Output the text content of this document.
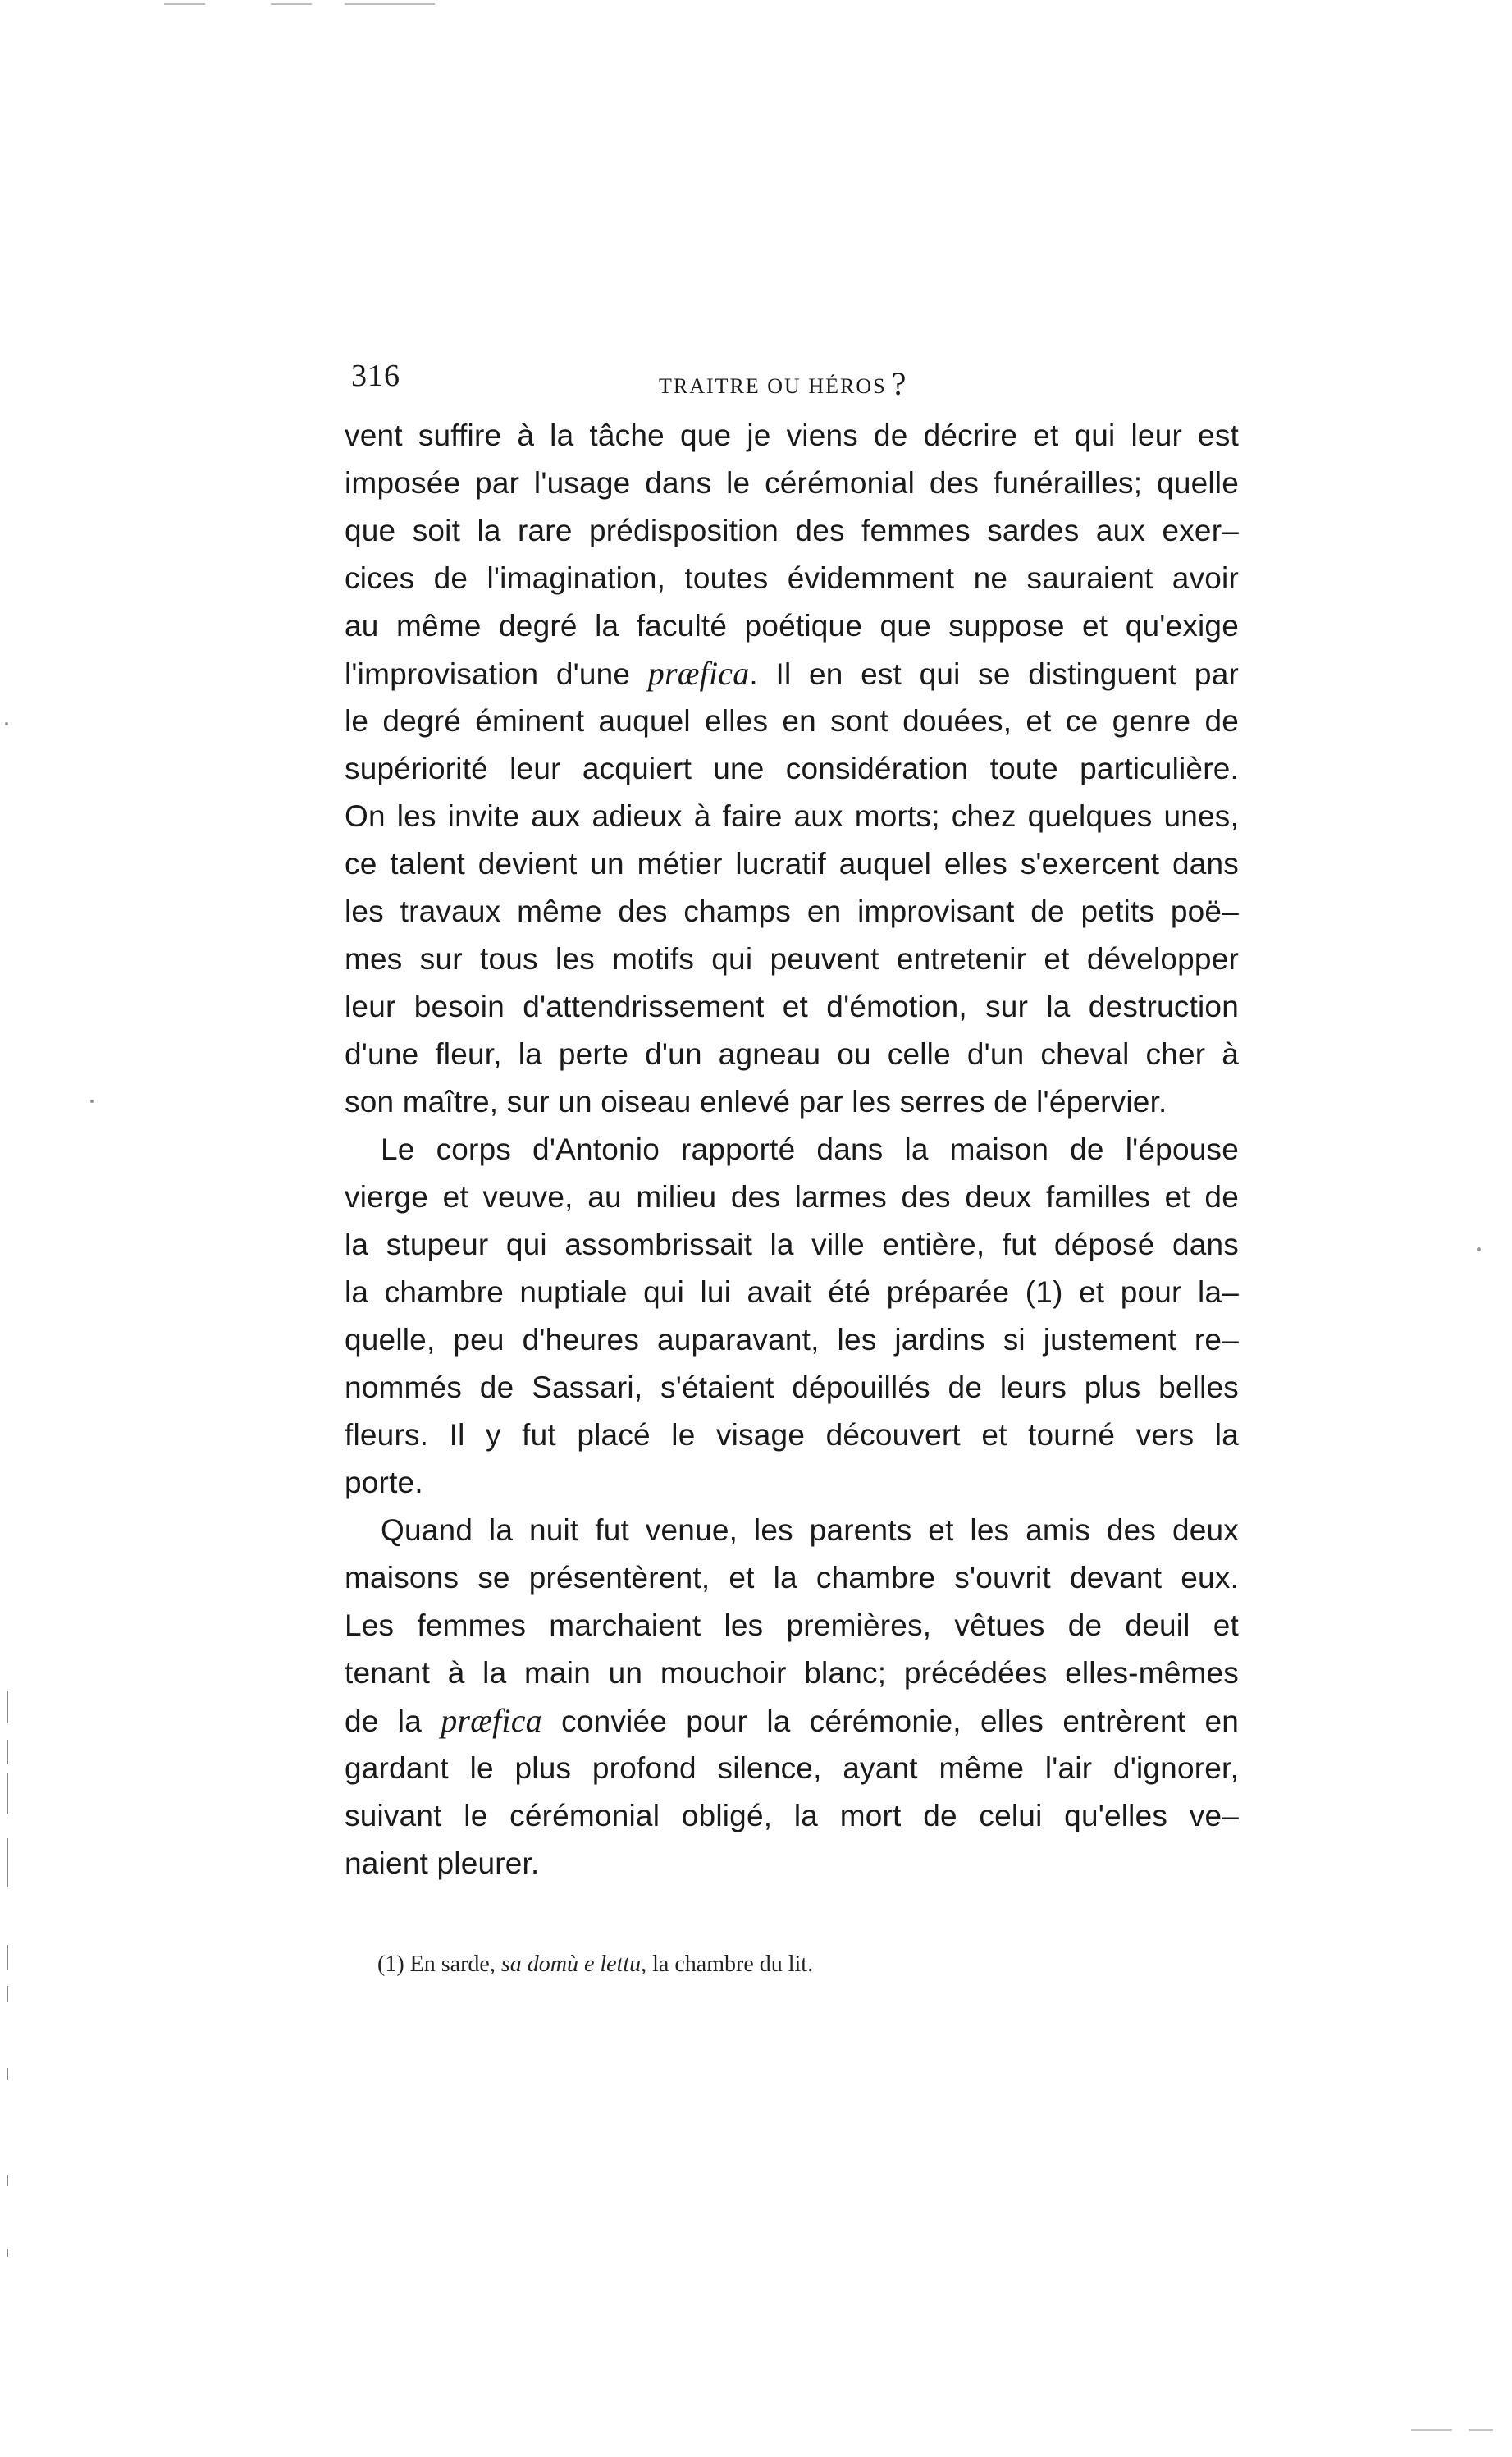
316	TRAITRE OU HÉROS ?
vent suffire à la tâche que je viens de décrire et qui leur est
imposée par l'usage dans le cérémonial des funérailles; quelle
que soit la rare prédisposition des femmes sardes aux exer–
cices de l'imagination, toutes évidemment ne sauraient avoir
au même degré la faculté poétique que suppose et qu'exige
l'improvisation d'une præfica. Il en est qui se distinguent par
le degré éminent auquel elles en sont douées, et ce genre de
supériorité leur acquiert une considération toute particulière.
On les invite aux adieux à faire aux morts; chez quelques unes,
ce talent devient un métier lucratif auquel elles s'exercent dans
les travaux même des champs en improvisant de petits poë–
mes sur tous les motifs qui peuvent entretenir et développer
leur besoin d'attendrissement et d'émotion, sur la destruction
d'une fleur, la perte d'un agneau ou celle d'un cheval cher à
son maître, sur un oiseau enlevé par les serres de l'épervier.
Le corps d'Antonio rapporté dans la maison de l'épouse
vierge et veuve, au milieu des larmes des deux familles et de
la stupeur qui assombrissait la ville entière, fut déposé dans
la chambre nuptiale qui lui avait été préparée (1) et pour la–
quelle, peu d'heures auparavant, les jardins si justement re–
nommés de Sassari, s'étaient dépouillés de leurs plus belles
fleurs. Il y fut placé le visage découvert et tourné vers la
porte.
Quand la nuit fut venue, les parents et les amis des deux
maisons se présentèrent, et la chambre s'ouvrit devant eux.
Les femmes marchaient les premières, vêtues de deuil et
tenant à la main un mouchoir blanc; précédées elles-mêmes
de la præfica conviée pour la cérémonie, elles entrèrent en
gardant le plus profond silence, ayant même l'air d'ignorer,
suivant le cérémonial obligé, la mort de celui qu'elles ve–
naient pleurer.
(1) En sarde, sa domù e lettu, la chambre du lit.
